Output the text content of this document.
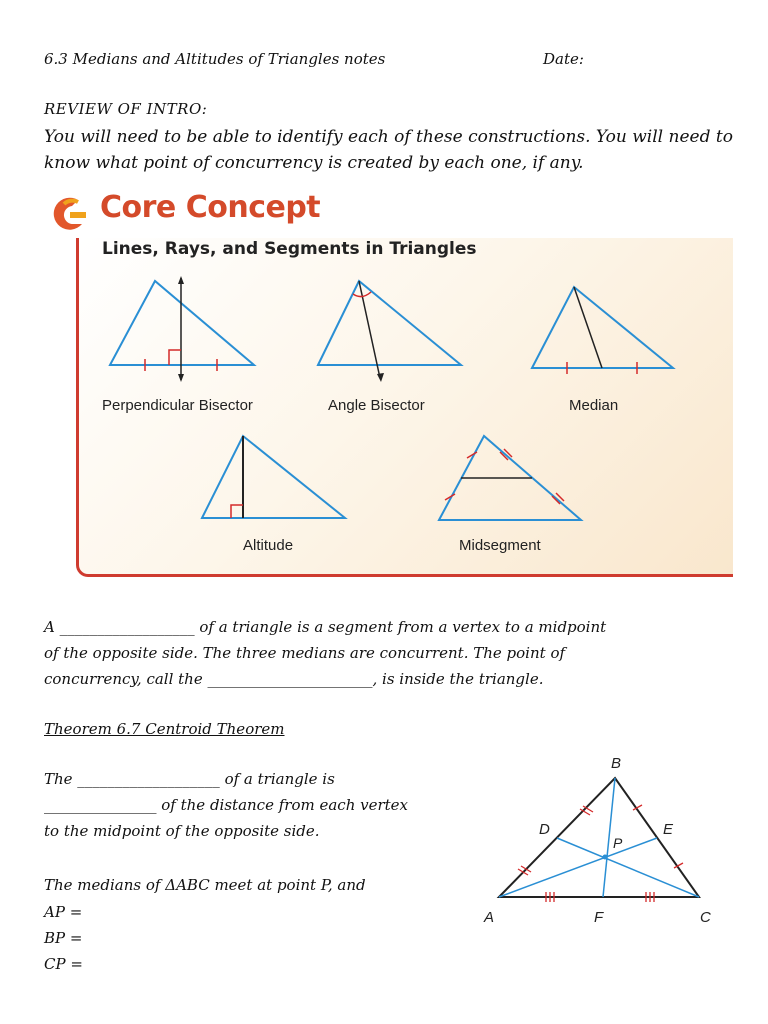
6.3 Medians and Altitudes of Triangles notes	Date:
REVIEW OF INTRO:
You will need to be able to identify each of these constructions. You will need to know what point of concurrency is created by each one, if any.
Core Concept
Lines, Rays, and Segments in Triangles
Perpendicular Bisector	Angle Bisector	Median
Altitude	Midsegment
A __________________ of a triangle is a segment from a vertex to a midpoint
of the opposite side. The three medians are concurrent. The point of
concurrency, call the ______________________, is inside the triangle.
Theorem 6.7 Centroid Theorem
The ___________________ of a triangle is
_______________ of the distance from each vertex
to the midpoint of the opposite side.
The medians of ΔABC meet at point P, and
AP =
BP =
CP =
B
A	C
D	E
F
P
